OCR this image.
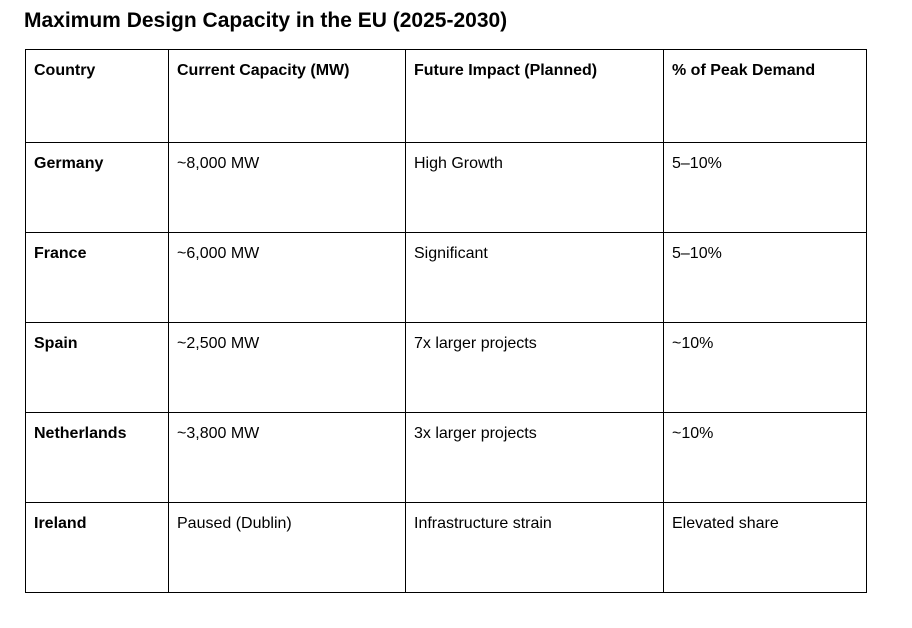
Maximum Design Capacity in the EU (2025-2030)
Country	Current Capacity (MW)	Future Impact (Planned)	% of Peak Demand
Germany	~8,000 MW	High Growth	5–10%
France	~6,000 MW	Significant	5–10%
Spain	~2,500 MW	7x larger projects	~10%
Netherlands	~3,800 MW	3x larger projects	~10%
Ireland	Paused (Dublin)	Infrastructure strain	Elevated share
